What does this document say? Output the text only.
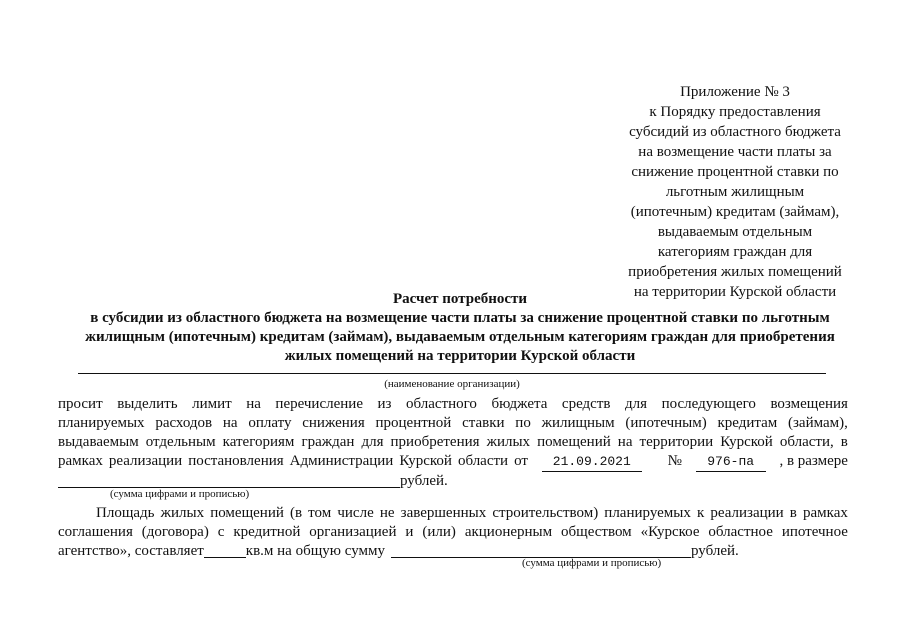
Приложение № 3
к Порядку предоставления
субсидий из областного бюджета
на возмещение части платы за
снижение процентной ставки по
льготным жилищным
(ипотечным) кредитам (займам),
выдаваемым отдельным
категориям граждан для
приобретения жилых помещений
на территории Курской области
Расчет потребности
в субсидии из областного бюджета на возмещение части платы за снижение процентной ставки по льготным
жилищным (ипотечным) кредитам (займам), выдаваемым отдельным категориям граждан для приобретения
жилых помещений на территории Курской области
(наименование организации)
просит выделить лимит на перечисление из областного бюджета средств для последующего возмещения
планируемых расходов на оплату снижения процентной ставки по жилищным (ипотечным) кредитам (займам),
выдаваемым отдельным категориям граждан для приобретения жилых помещений на территории Курской области, в
рамках реализации постановления Администрации Курской области от	21.09.2021	№	976-па	, в размере
рублей.
(сумма цифрами и прописью)
Площадь жилых помещений (в том числе не завершенных строительством) планируемых к реализации в рамках
соглашения (договора) с кредитной организацией и (или) акционерным обществом «Курское областное ипотечное
агентство», составляет	кв.м на общую сумму	рублей.
(сумма цифрами и прописью)
